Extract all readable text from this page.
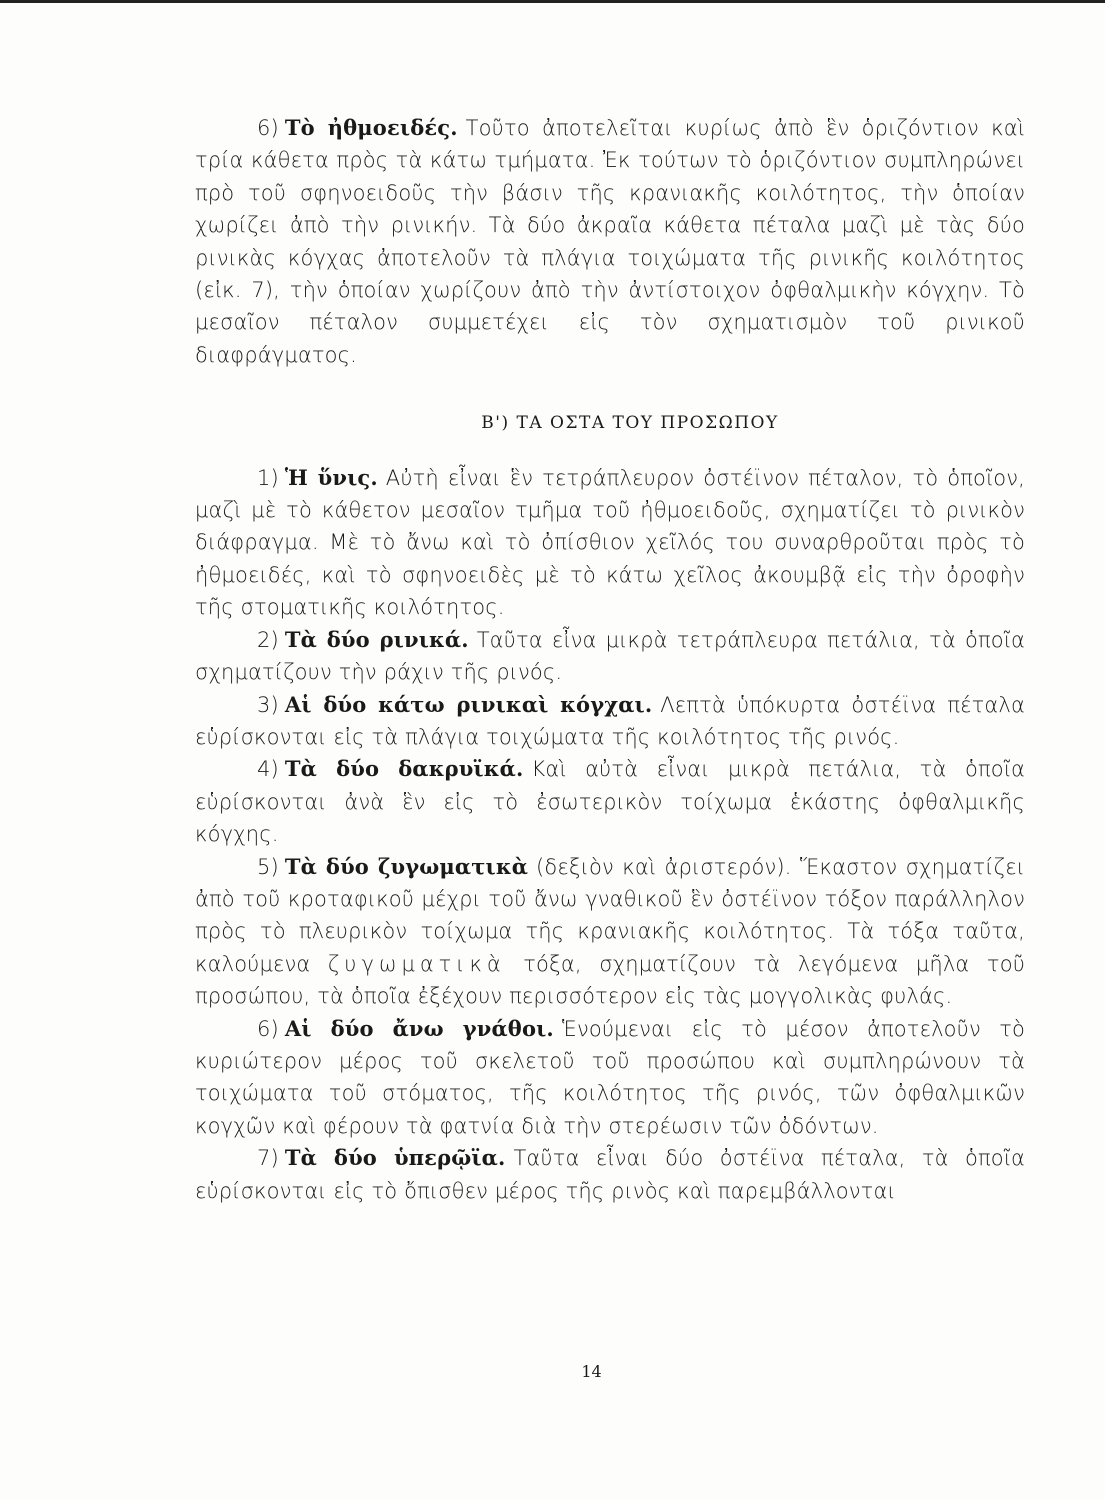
6) Τὸ ἠθμοειδές. Τοῦτο ἀποτελεῖται κυρίως ἀπὸ ἓν ὁριζόντιον καὶ τρία κάθετα πρὸς τὰ κάτω τμήματα. Ἐκ τούτων τὸ ὁριζόντιον συμπληρώνει πρὸ τοῦ σφηνοειδοῦς τὴν βάσιν τῆς κρανιακῆς κοιλότητος, τὴν ὁποίαν χωρίζει ἀπὸ τὴν ρινικήν. Τὰ δύο ἀκραῖα κάθετα πέταλα μαζὶ μὲ τὰς δύο ρινικὰς κόγχας ἀποτελοῦν τὰ πλάγια τοιχώματα τῆς ρινικῆς κοιλότητος (εἰκ. 7), τὴν ὁποίαν χωρίζουν ἀπὸ τὴν ἀντίστοιχον ὀφθαλμικὴν κόγχην. Τὸ μεσαῖον πέταλον συμμετέχει εἰς τὸν σχηματισμὸν τοῦ ρινικοῦ διαφράγματος.

Β') ΤΑ ΟΣΤΑ ΤΟΥ ΠΡΟΣΩΠΟΥ

1) Ἡ ὕνις. Αὐτὴ εἶναι ἓν τετράπλευρον ὀστέϊνον πέταλον, τὸ ὁποῖον, μαζὶ μὲ τὸ κάθετον μεσαῖον τμῆμα τοῦ ἠθμοειδοῦς, σχηματίζει τὸ ρινικὸν διάφραγμα. Μὲ τὸ ἄνω καὶ τὸ ὀπίσθιον χεῖλός του συναρθροῦται πρὸς τὸ ἠθμοειδές, καὶ τὸ σφηνοειδὲς μὲ τὸ κάτω χεῖλος ἀκουμβᾷ εἰς τὴν ὀροφὴν τῆς στοματικῆς κοιλότητος.

2) Τὰ δύο ρινικά. Ταῦτα εἶνα μικρὰ τετράπλευρα πετάλια, τὰ ὁποῖα σχηματίζουν τὴν ράχιν τῆς ρινός.

3) Αἱ δύο κάτω ρινικαὶ κόγχαι. Λεπτὰ ὑπόκυρτα ὀστέϊνα πέταλα εὑρίσκονται εἰς τὰ πλάγια τοιχώματα τῆς κοιλότητος τῆς ρινός.

4) Τὰ δύο δακρυϊκά. Καὶ αὐτὰ εἶναι μικρὰ πετάλια, τὰ ὁποῖα εὑρίσκονται ἀνὰ ἓν εἰς τὸ ἐσωτερικὸν τοίχωμα ἑκάστης ὀφθαλμικῆς κόγχης.

5) Τὰ δύο ζυγωματικὰ (δεξιὸν καὶ ἀριστερόν). Ἕκαστον σχηματίζει ἀπὸ τοῦ κροταφικοῦ μέχρι τοῦ ἄνω γναθικοῦ ἓν ὀστέϊνον τόξον παράλληλον πρὸς τὸ πλευρικὸν τοίχωμα τῆς κρανιακῆς κοιλότητος. Τὰ τόξα ταῦτα, καλούμενα ζυγωματικὰ τόξα, σχηματίζουν τὰ λεγόμενα μῆλα τοῦ προσώπου, τὰ ὁποῖα ἐξέχουν περισσότερον εἰς τὰς μογγολικὰς φυλάς.

6) Αἱ δύο ἄνω γνάθοι. Ἑνούμεναι εἰς τὸ μέσον ἀποτελοῦν τὸ κυριώτερον μέρος τοῦ σκελετοῦ τοῦ προσώπου καὶ συμπληρώνουν τὰ τοιχώματα τοῦ στόματος, τῆς κοιλότητος τῆς ρινός, τῶν ὀφθαλμικῶν κογχῶν καὶ φέρουν τὰ φατνία διὰ τὴν στερέωσιν τῶν ὀδόντων.

7) Τὰ δύο ὑπερῷϊα. Ταῦτα εἶναι δύο ὀστέϊνα πέταλα, τὰ ὁποῖα εὑρίσκονται εἰς τὸ ὄπισθεν μέρος τῆς ρινὸς καὶ παρεμβάλλονται

14
